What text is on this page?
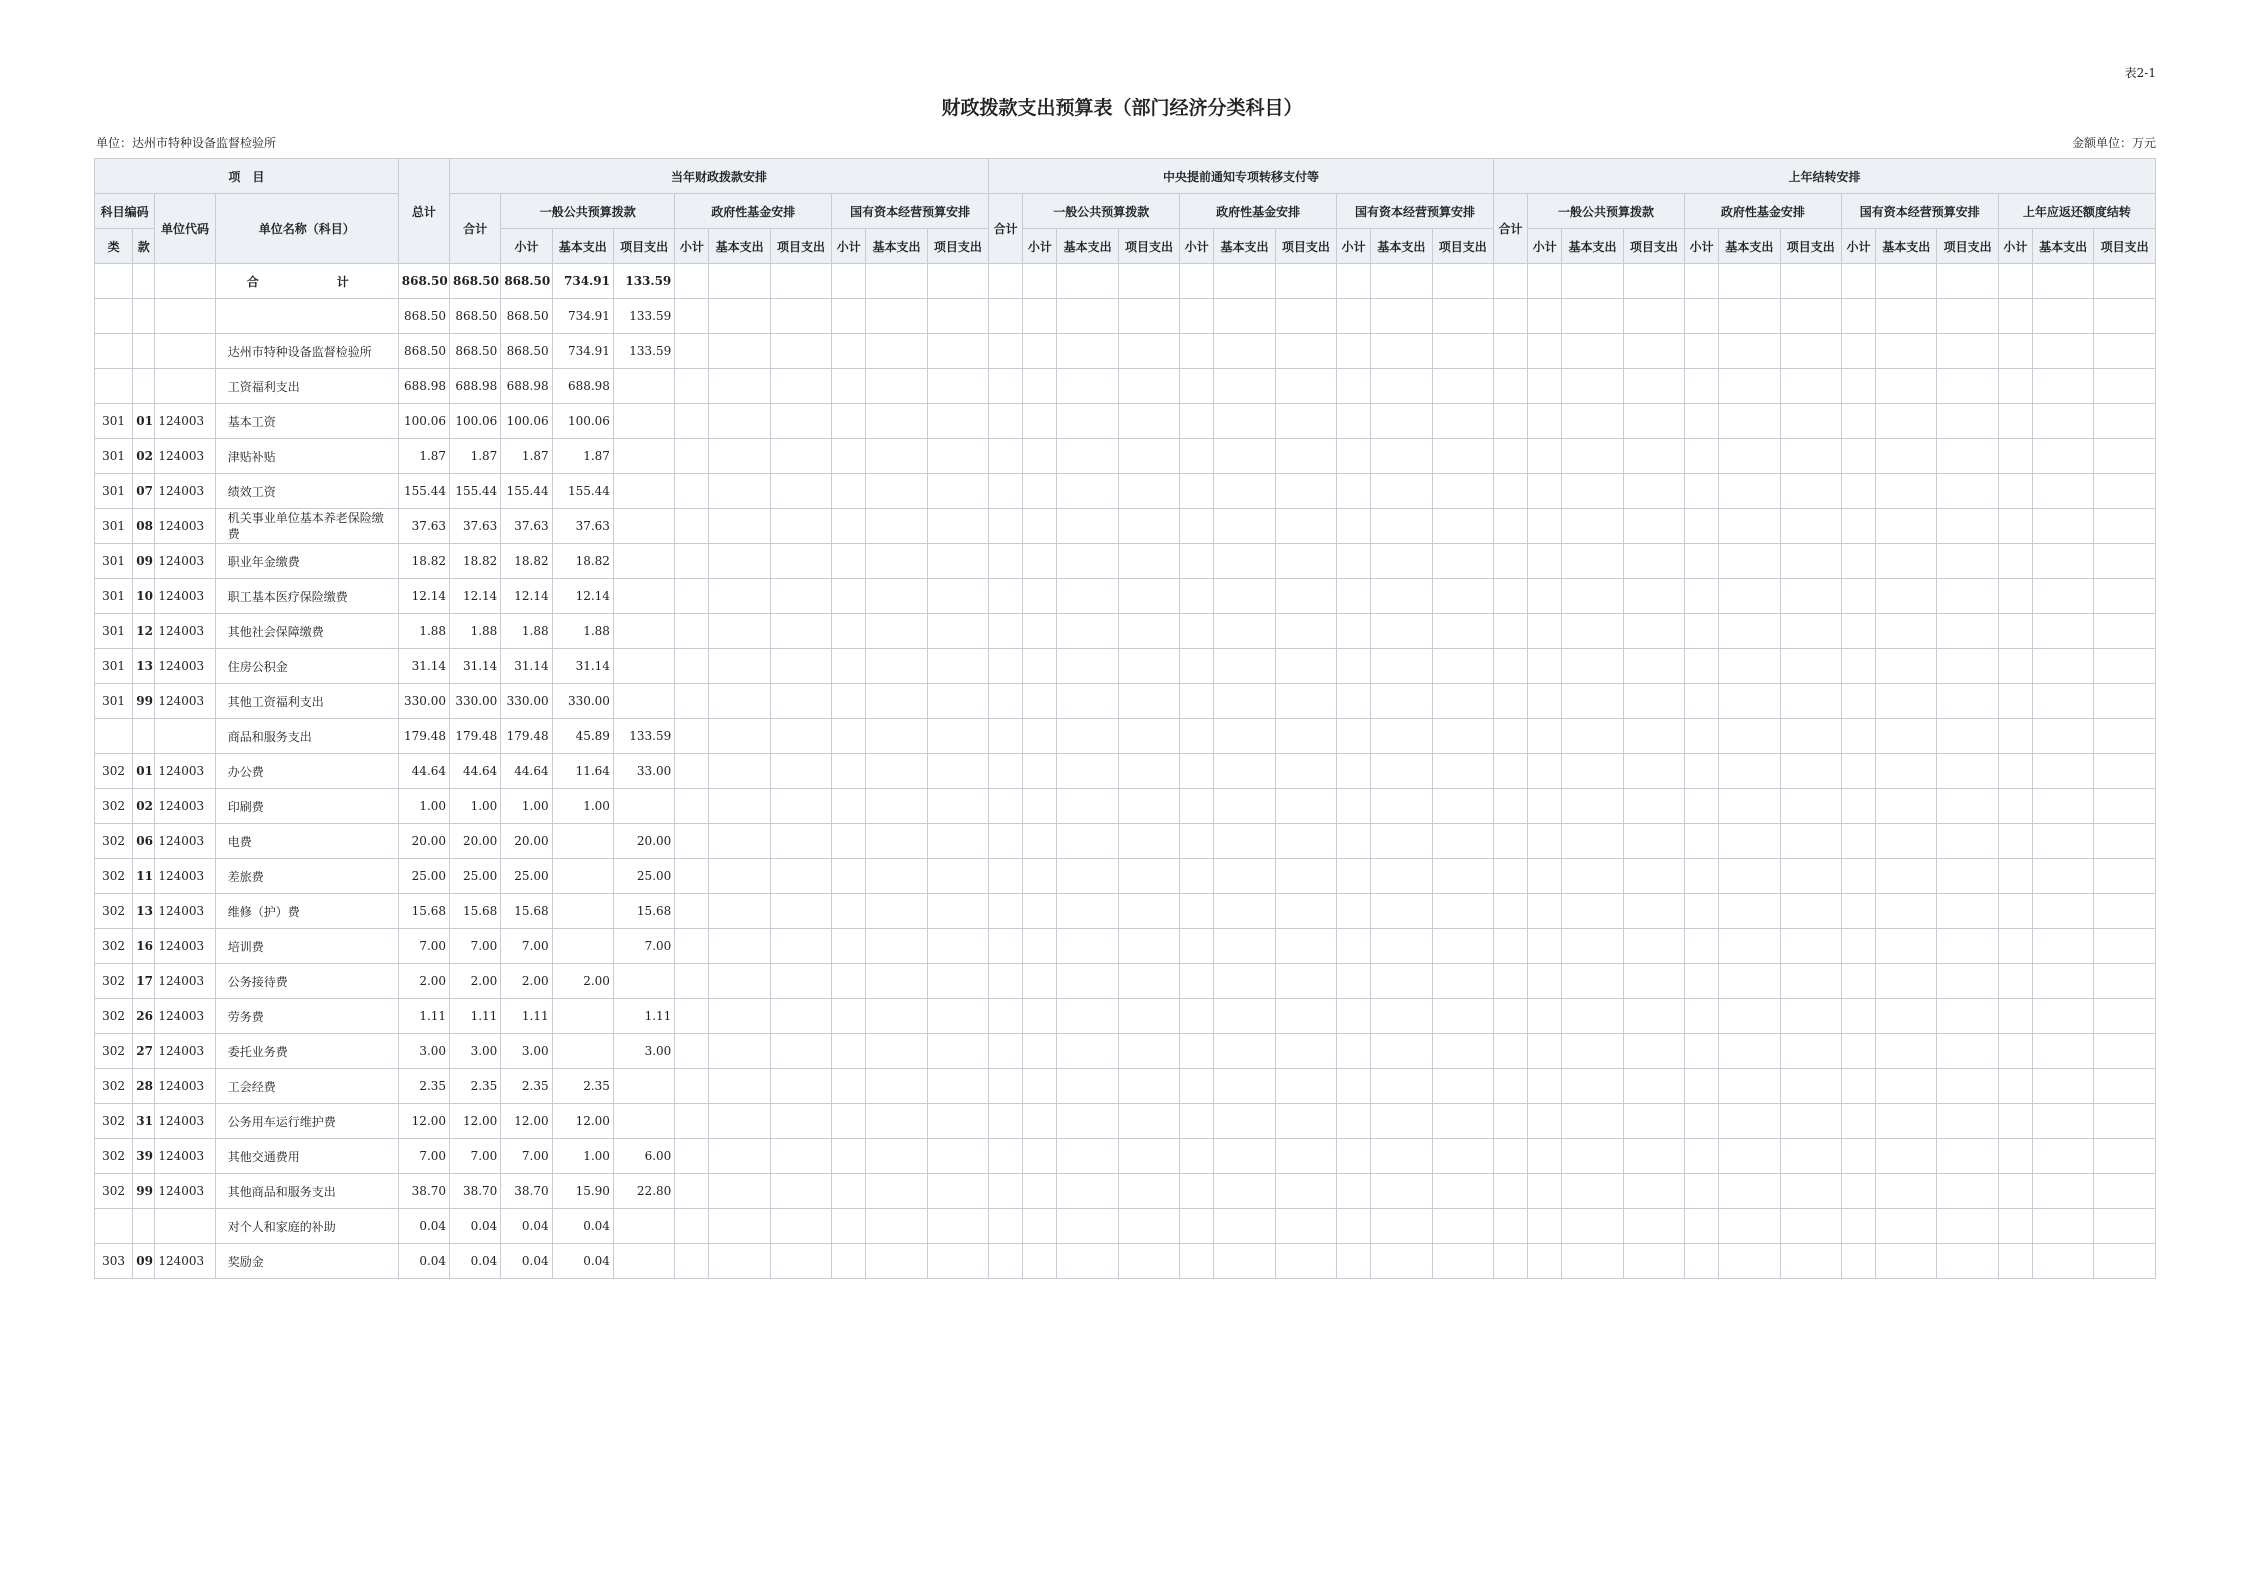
表2-1
财政拨款支出预算表（部门经济分类科目）
单位：达州市特种设备监督检验所	金额单位：万元
项　目				总计	当年财政拨款安排										中央提前通知专项转移支付等										上年结转安排												
科目编码		单位代码	单位名称（科目）		合计	一般公共预算拨款			政府性基金安排			国有资本经营预算安排			合计	一般公共预算拨款			政府性基金安排			国有资本经营预算安排			合计	一般公共预算拨款			政府性基金安排			国有资本经营预算安排			上年应返还额度结转		
类	款					小计	基本支出	项目支出	小计	基本支出	项目支出	小计	基本支出	项目支出		小计	基本支出	项目支出	小计	基本支出	项目支出	小计	基本支出	项目支出		小计	基本支出	项目支出	小计	基本支出	项目支出	小计	基本支出	项目支出	小计	基本支出	项目支出
			合　　计	868.50	868.50	868.50	734.91	133.59																													
				868.50	868.50	868.50	734.91	133.59																													
			达州市特种设备监督检验所	868.50	868.50	868.50	734.91	133.59																													
			工资福利支出	688.98	688.98	688.98	688.98																														
301	01	124003	基本工资	100.06	100.06	100.06	100.06																														
301	02	124003	津贴补贴	1.87	1.87	1.87	1.87																														
301	07	124003	绩效工资	155.44	155.44	155.44	155.44																														
301	08	124003	机关事业单位基本养老保险缴费	37.63	37.63	37.63	37.63																														
301	09	124003	职业年金缴费	18.82	18.82	18.82	18.82																														
301	10	124003	职工基本医疗保险缴费	12.14	12.14	12.14	12.14																														
301	12	124003	其他社会保障缴费	1.88	1.88	1.88	1.88																														
301	13	124003	住房公积金	31.14	31.14	31.14	31.14																														
301	99	124003	其他工资福利支出	330.00	330.00	330.00	330.00																														
			商品和服务支出	179.48	179.48	179.48	45.89	133.59																													
302	01	124003	办公费	44.64	44.64	44.64	11.64	33.00																													
302	02	124003	印刷费	1.00	1.00	1.00	1.00																														
302	06	124003	电费	20.00	20.00	20.00		20.00																													
302	11	124003	差旅费	25.00	25.00	25.00		25.00																													
302	13	124003	维修（护）费	15.68	15.68	15.68		15.68																													
302	16	124003	培训费	7.00	7.00	7.00		7.00																													
302	17	124003	公务接待费	2.00	2.00	2.00	2.00																														
302	26	124003	劳务费	1.11	1.11	1.11		1.11																													
302	27	124003	委托业务费	3.00	3.00	3.00		3.00																													
302	28	124003	工会经费	2.35	2.35	2.35	2.35																														
302	31	124003	公务用车运行维护费	12.00	12.00	12.00	12.00																														
302	39	124003	其他交通费用	7.00	7.00	7.00	1.00	6.00																													
302	99	124003	其他商品和服务支出	38.70	38.70	38.70	15.90	22.80																													
			对个人和家庭的补助	0.04	0.04	0.04	0.04																														
303	09	124003	奖励金	0.04	0.04	0.04	0.04																														
